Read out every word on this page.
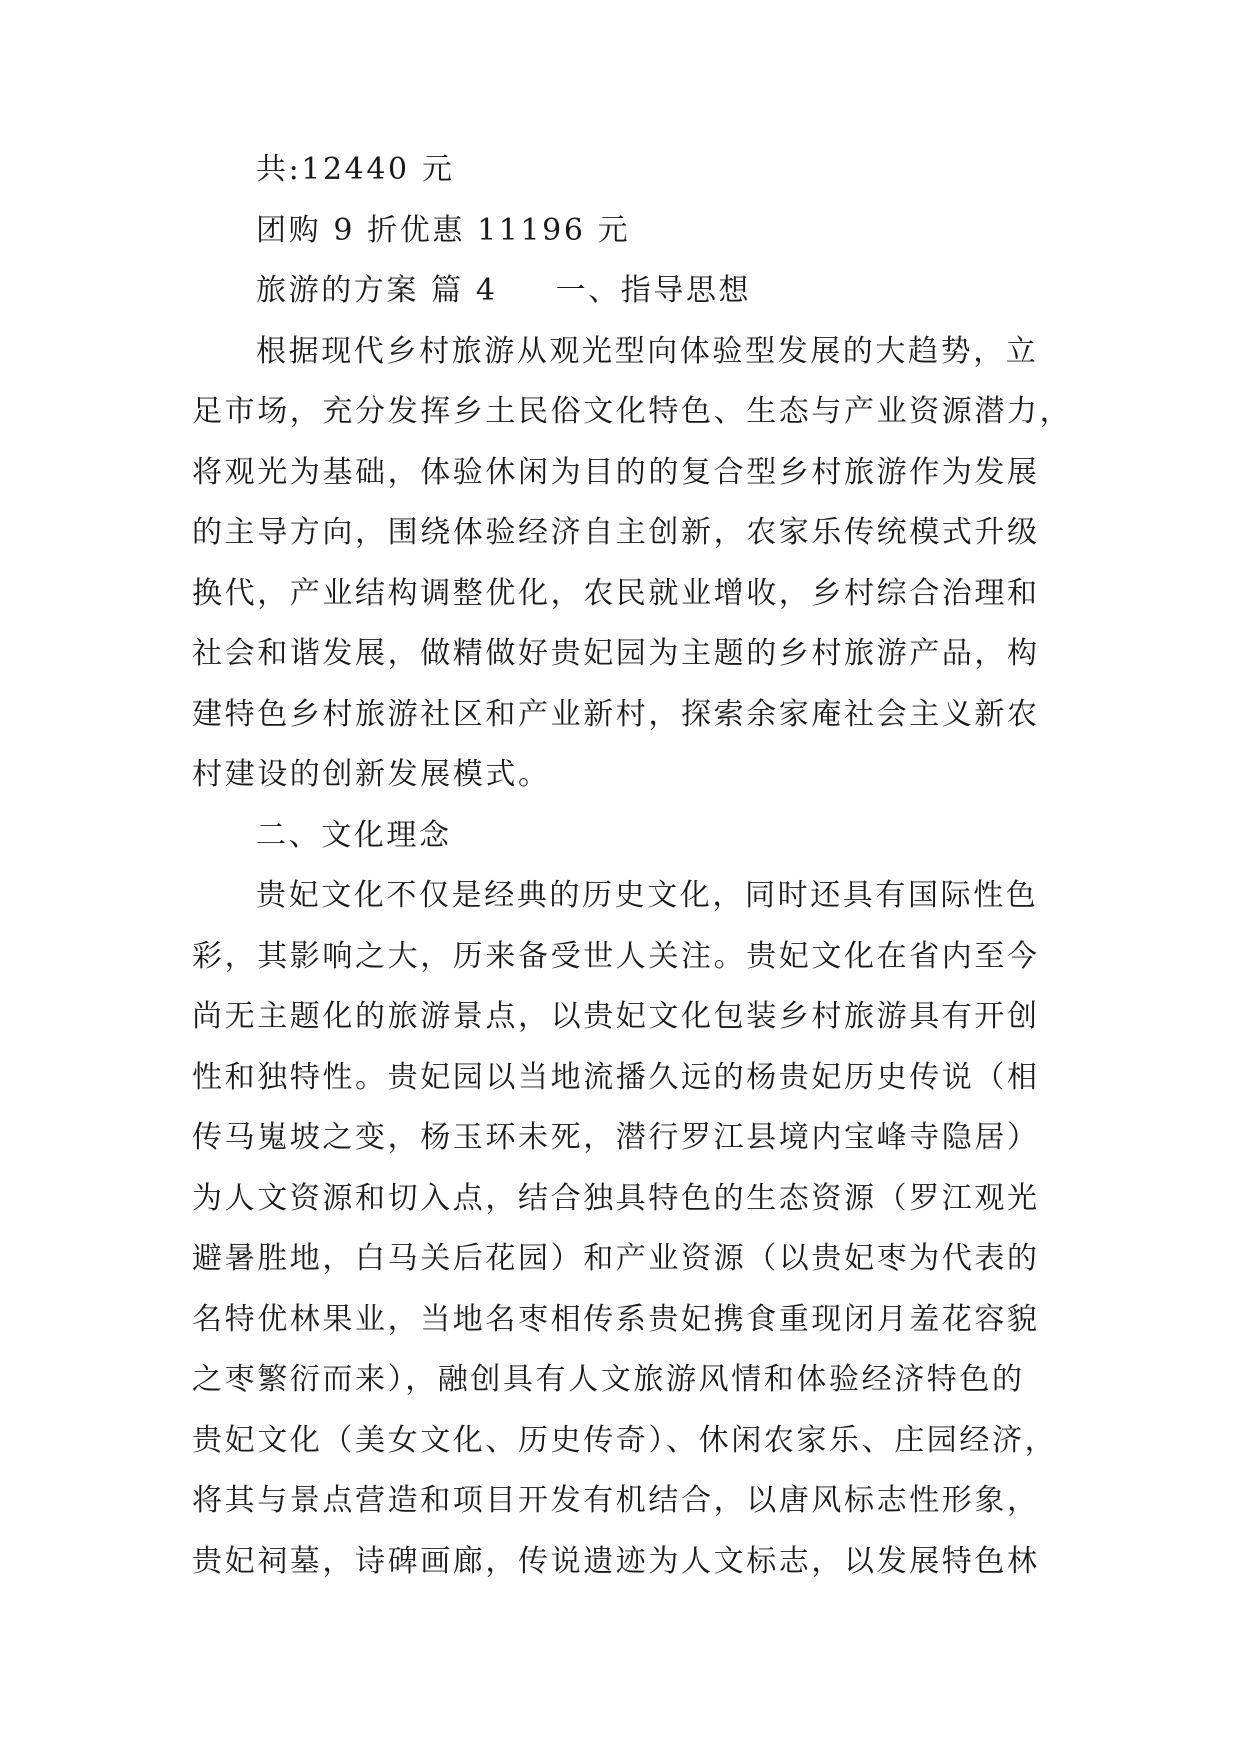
共:12440 元
团购 9 折优惠 11196 元
旅游的方案 篇 4 一、指导思想
根据现代乡村旅游从观光型向体验型发展的大趋势，立
足市场，充分发挥乡土民俗文化特色、生态与产业资源潜力，
将观光为基础，体验休闲为目的的复合型乡村旅游作为发展
的主导方向，围绕体验经济自主创新，农家乐传统模式升级
换代，产业结构调整优化，农民就业增收，乡村综合治理和
社会和谐发展，做精做好贵妃园为主题的乡村旅游产品，构
建特色乡村旅游社区和产业新村，探索余家庵社会主义新农
村建设的创新发展模式。
二、文化理念
贵妃文化不仅是经典的历史文化，同时还具有国际性色
彩，其影响之大，历来备受世人关注。贵妃文化在省内至今
尚无主题化的旅游景点，以贵妃文化包装乡村旅游具有开创
性和独特性。贵妃园以当地流播久远的杨贵妃历史传说（相
传马嵬坡之变，杨玉环未死，潜行罗江县境内宝峰寺隐居）
为人文资源和切入点，结合独具特色的生态资源（罗江观光
避暑胜地，白马关后花园）和产业资源（以贵妃枣为代表的
名特优林果业，当地名枣相传系贵妃携食重现闭月羞花容貌
之枣繁衍而来），融创具有人文旅游风情和体验经济特色的
贵妃文化（美女文化、历史传奇）、休闲农家乐、庄园经济，
将其与景点营造和项目开发有机结合，以唐风标志性形象，
贵妃祠墓，诗碑画廊，传说遗迹为人文标志，以发展特色林
